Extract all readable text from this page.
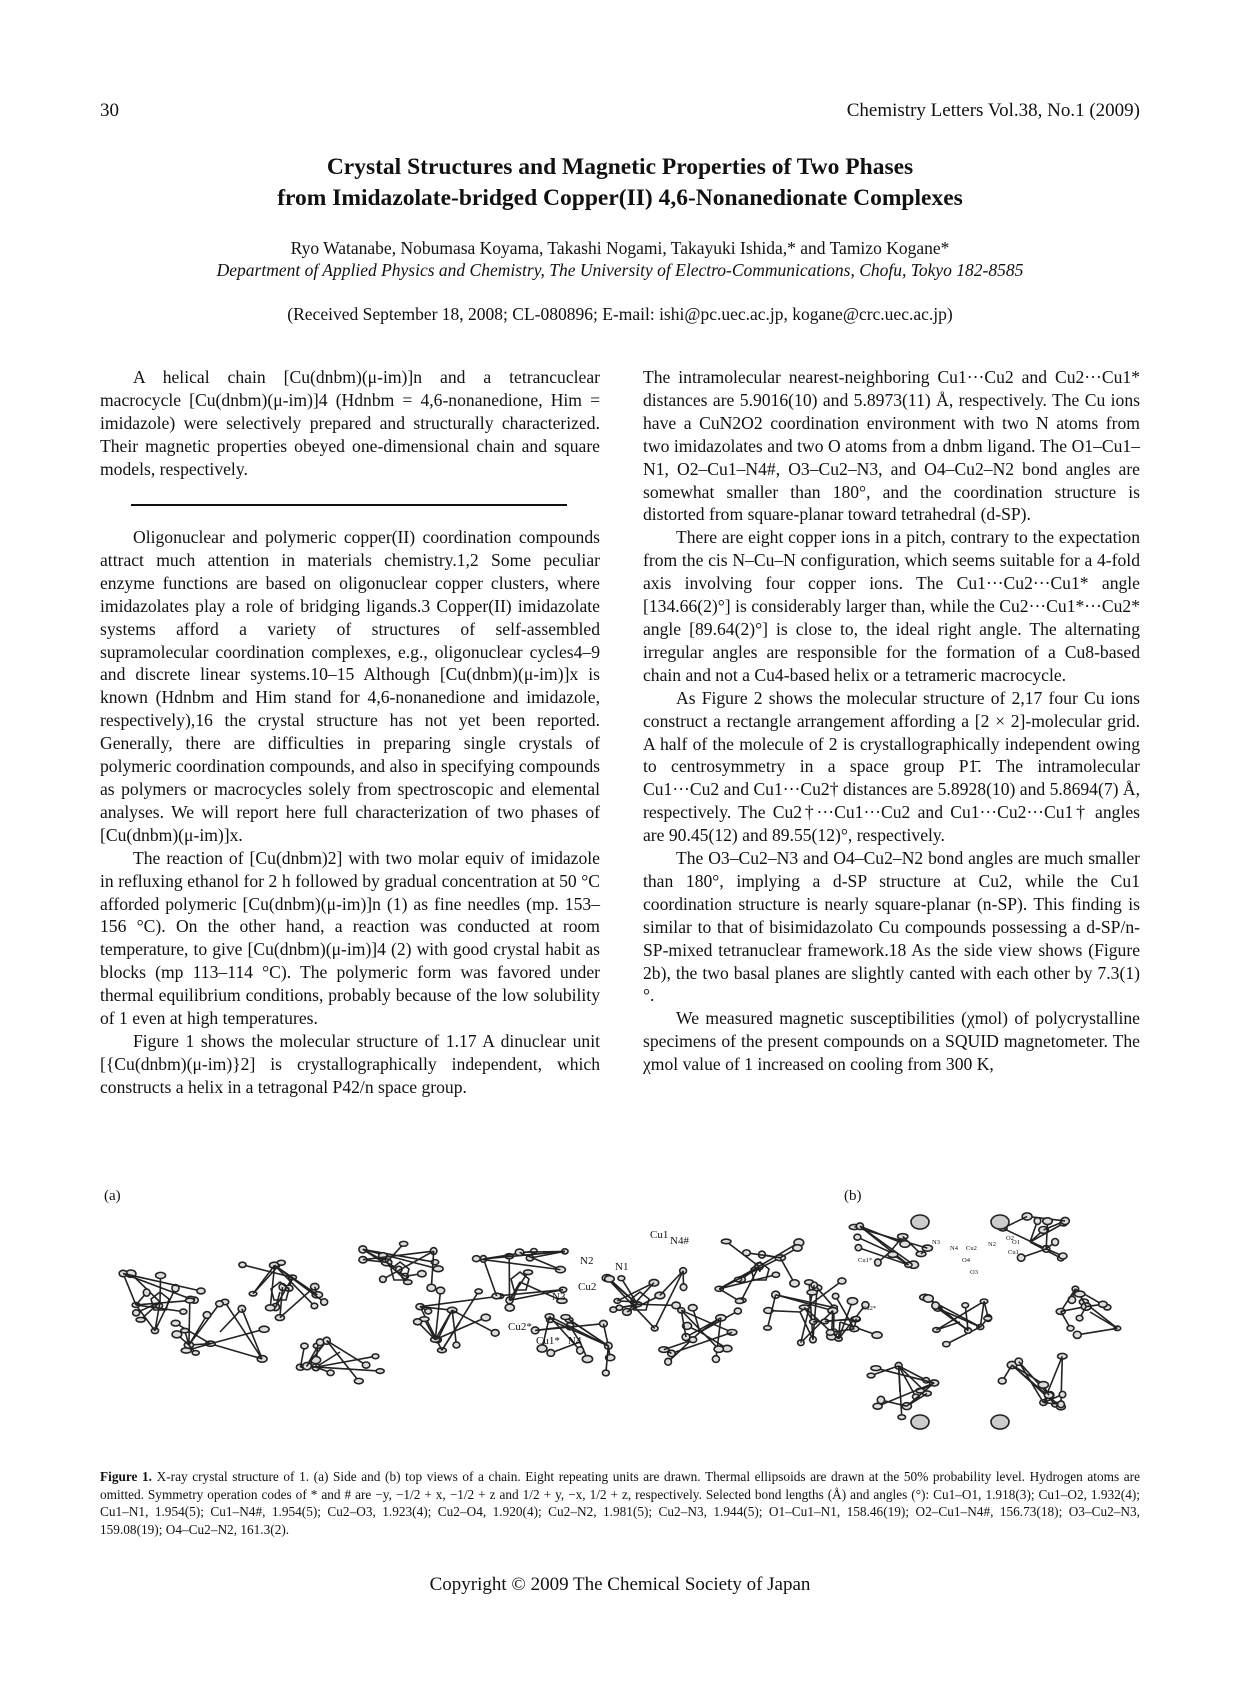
30	Chemistry Letters Vol.38, No.1 (2009)
Crystal Structures and Magnetic Properties of Two Phases
from Imidazolate-bridged Copper(II) 4,6-Nonanedionate Complexes
Ryo Watanabe, Nobumasa Koyama, Takashi Nogami, Takayuki Ishida,* and Tamizo Kogane*
Department of Applied Physics and Chemistry, The University of Electro-Communications, Chofu, Tokyo 182-8585
(Received September 18, 2008; CL-080896; E-mail: ishi@pc.uec.ac.jp, kogane@crc.uec.ac.jp)

A helical chain [Cu(dnbm)(μ-im)]n and a tetrancuclear macrocycle [Cu(dnbm)(μ-im)]4 (Hdnbm = 4,6-nonanedione, Him = imidazole) were selectively prepared and structurally characterized. Their magnetic properties obeyed one-dimensional chain and square models, respectively.

Oligonuclear and polymeric copper(II) coordination compounds attract much attention in materials chemistry.1,2 Some peculiar enzyme functions are based on oligonuclear copper clusters, where imidazolates play a role of bridging ligands.3 Copper(II) imidazolate systems afford a variety of structures of self-assembled supramolecular coordination complexes, e.g., oligonuclear cycles4–9 and discrete linear systems.10–15 Although [Cu(dnbm)(μ-im)]x is known (Hdnbm and Him stand for 4,6-nonanedione and imidazole, respectively),16 the crystal structure has not yet been reported. Generally, there are difficulties in preparing single crystals of polymeric coordination compounds, and also in specifying compounds as polymers or macrocycles solely from spectroscopic and elemental analyses. We will report here full characterization of two phases of [Cu(dnbm)(μ-im)]x.

The reaction of [Cu(dnbm)2] with two molar equiv of imidazole in refluxing ethanol for 2 h followed by gradual concentration at 50 °C afforded polymeric [Cu(dnbm)(μ-im)]n (1) as fine needles (mp. 153–156 °C). On the other hand, a reaction was conducted at room temperature, to give [Cu(dnbm)(μ-im)]4 (2) with good crystal habit as blocks (mp 113–114 °C). The polymeric form was favored under thermal equilibrium conditions, probably because of the low solubility of 1 even at high temperatures.

Figure 1 shows the molecular structure of 1.17 A dinuclear unit [{Cu(dnbm)(μ-im)}2] is crystallographically independent, which constructs a helix in a tetragonal P42/n space group.

The intramolecular nearest-neighboring Cu1···Cu2 and Cu2···Cu1* distances are 5.9016(10) and 5.8973(11) Å, respectively. The Cu ions have a CuN2O2 coordination environment with two N atoms from two imidazolates and two O atoms from a dnbm ligand. The O1–Cu1–N1, O2–Cu1–N4#, O3–Cu2–N3, and O4–Cu2–N2 bond angles are somewhat smaller than 180°, and the coordination structure is distorted from square-planar toward tetrahedral (d-SP).

There are eight copper ions in a pitch, contrary to the expectation from the cis N–Cu–N configuration, which seems suitable for a 4-fold axis involving four copper ions. The Cu1···Cu2···Cu1* angle [134.66(2)°] is considerably larger than, while the Cu2···Cu1*···Cu2* angle [89.64(2)°] is close to, the ideal right angle. The alternating irregular angles are responsible for the formation of a Cu8-based chain and not a Cu4-based helix or a tetrameric macrocycle.

As Figure 2 shows the molecular structure of 2,17 four Cu ions construct a rectangle arrangement affording a [2 × 2]-molecular grid. A half of the molecule of 2 is crystallographically independent owing to centrosymmetry in a space group P1̄. The intramolecular Cu1···Cu2 and Cu1···Cu2† distances are 5.8928(10) and 5.8694(7) Å, respectively. The Cu2†···Cu1···Cu2 and Cu1···Cu2···Cu1† angles are 90.45(12) and 89.55(12)°, respectively.

The O3–Cu2–N3 and O4–Cu2–N2 bond angles are much smaller than 180°, implying a d-SP structure at Cu2, while the Cu1 coordination structure is nearly square-planar (n-SP). This finding is similar to that of bisimidazolato Cu compounds possessing a d-SP/n-SP-mixed tetranuclear framework.18 As the side view shows (Figure 2b), the two basal planes are slightly canted with each other by 7.3(1)°.

We measured magnetic susceptibilities (χmol) of polycrystalline specimens of the present compounds on a SQUID magnetometer. The χmol value of 1 increased on cooling from 300 K,

(a)	(b)
Cu1 N4#
N2 N1
Cu2
N3
Cu2*
Cu1* N4
N3
Cu2
N2 O1
Cu1
N4
O4
O3
O2
Cu1*
Cu2*
Figure 1. X-ray crystal structure of 1. (a) Side and (b) top views of a chain. Eight repeating units are drawn. Thermal ellipsoids are drawn at the 50% probability level. Hydrogen atoms are omitted. Symmetry operation codes of * and # are −y, −1/2 + x, −1/2 + z and 1/2 + y, −x, 1/2 + z, respectively. Selected bond lengths (Å) and angles (°): Cu1–O1, 1.918(3); Cu1–O2, 1.932(4); Cu1–N1, 1.954(5); Cu1–N4#, 1.954(5); Cu2–O3, 1.923(4); Cu2–O4, 1.920(4); Cu2–N2, 1.981(5); Cu2–N3, 1.944(5); O1–Cu1–N1, 158.46(19); O2–Cu1–N4#, 156.73(18); O3–Cu2–N3, 159.08(19); O4–Cu2–N2, 161.3(2).
Copyright © 2009 The Chemical Society of Japan
